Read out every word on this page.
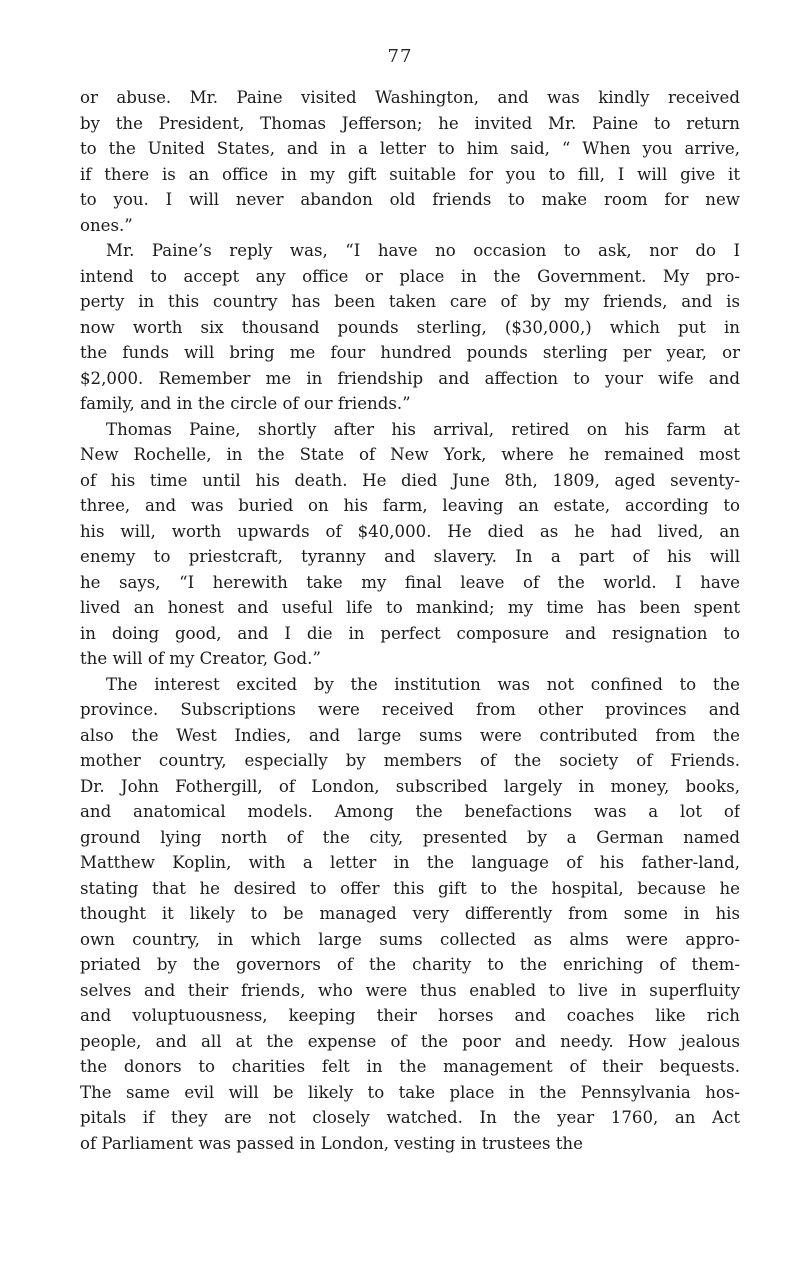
77
or abuse. Mr. Paine visited Washington, and was kindly received
by the President, Thomas Jefferson; he invited Mr. Paine to return
to the United States, and in a letter to him said, “ When you arrive,
if there is an office in my gift suitable for you to fill, I will give it
to you. I will never abandon old friends to make room for new
ones.”
Mr. Paine’s reply was, “I have no occasion to ask, nor do I
intend to accept any office or place in the Government. My pro-
perty in this country has been taken care of by my friends, and is
now worth six thousand pounds sterling, ($30,000,) which put in
the funds will bring me four hundred pounds sterling per year, or
$2,000. Remember me in friendship and affection to your wife and
family, and in the circle of our friends.”
Thomas Paine, shortly after his arrival, retired on his farm at
New Rochelle, in the State of New York, where he remained most
of his time until his death. He died June 8th, 1809, aged seventy-
three, and was buried on his farm, leaving an estate, according to
his will, worth upwards of $40,000. He died as he had lived, an
enemy to priestcraft, tyranny and slavery. In a part of his will
he says, “I herewith take my final leave of the world. I have
lived an honest and useful life to mankind; my time has been spent
in doing good, and I die in perfect composure and resignation to
the will of my Creator, God.”
The interest excited by the institution was not confined to the
province. Subscriptions were received from other provinces and
also the West Indies, and large sums were contributed from the
mother country, especially by members of the society of Friends.
Dr. John Fothergill, of London, subscribed largely in money, books,
and anatomical models. Among the benefactions was a lot of
ground lying north of the city, presented by a German named
Matthew Koplin, with a letter in the language of his father-land,
stating that he desired to offer this gift to the hospital, because he
thought it likely to be managed very differently from some in his
own country, in which large sums collected as alms were appro-
priated by the governors of the charity to the enriching of them-
selves and their friends, who were thus enabled to live in superfluity
and voluptuousness, keeping their horses and coaches like rich
people, and all at the expense of the poor and needy. How jealous
the donors to charities felt in the management of their bequests.
The same evil will be likely to take place in the Pennsylvania hos-
pitals if they are not closely watched. In the year 1760, an Act
of Parliament was passed in London, vesting in trustees the
